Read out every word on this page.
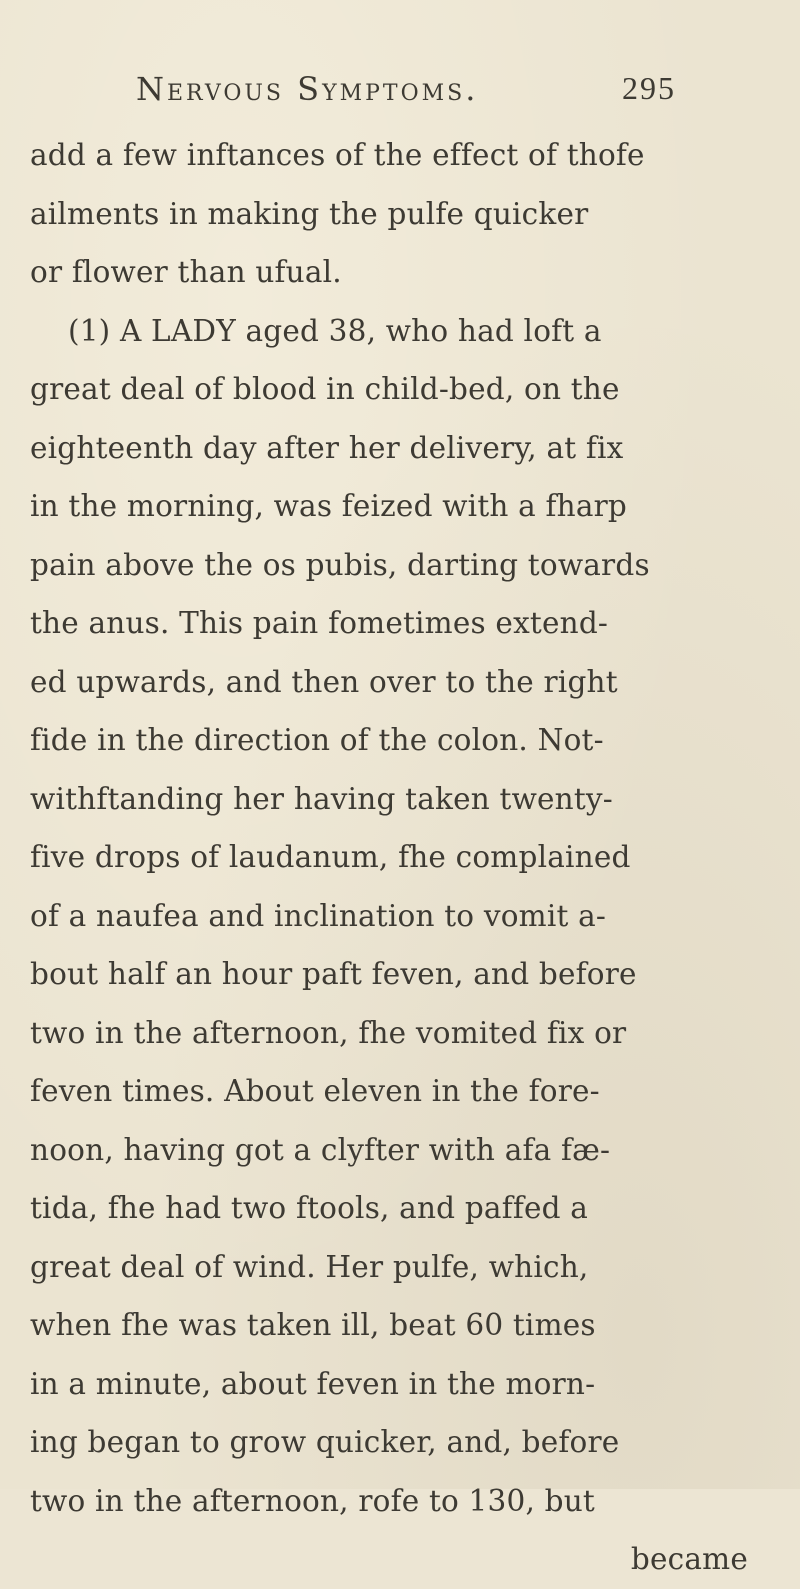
Nervous Symptoms.	295
add a few inftances of the effect of thofe
ailments in making the pulfe quicker
or flower than ufual.
(1) A LADY aged 38, who had loft a
great deal of blood in child-bed, on the
eighteenth day after her delivery, at fix
in the morning, was feized with a fharp
pain above the os pubis, darting towards
the anus. This pain fometimes extend-
ed upwards, and then over to the right
fide in the direction of the colon. Not-
withftanding her having taken twenty-
five drops of laudanum, fhe complained
of a naufea and inclination to vomit a-
bout half an hour paft feven, and before
two in the afternoon, fhe vomited fix or
feven times. About eleven in the fore-
noon, having got a clyfter with afa fæ-
tida, fhe had two ftools, and paffed a
great deal of wind. Her pulfe, which,
when fhe was taken ill, beat 60 times
in a minute, about feven in the morn-
ing began to grow quicker, and, before
two in the afternoon, rofe to 130, but
became
